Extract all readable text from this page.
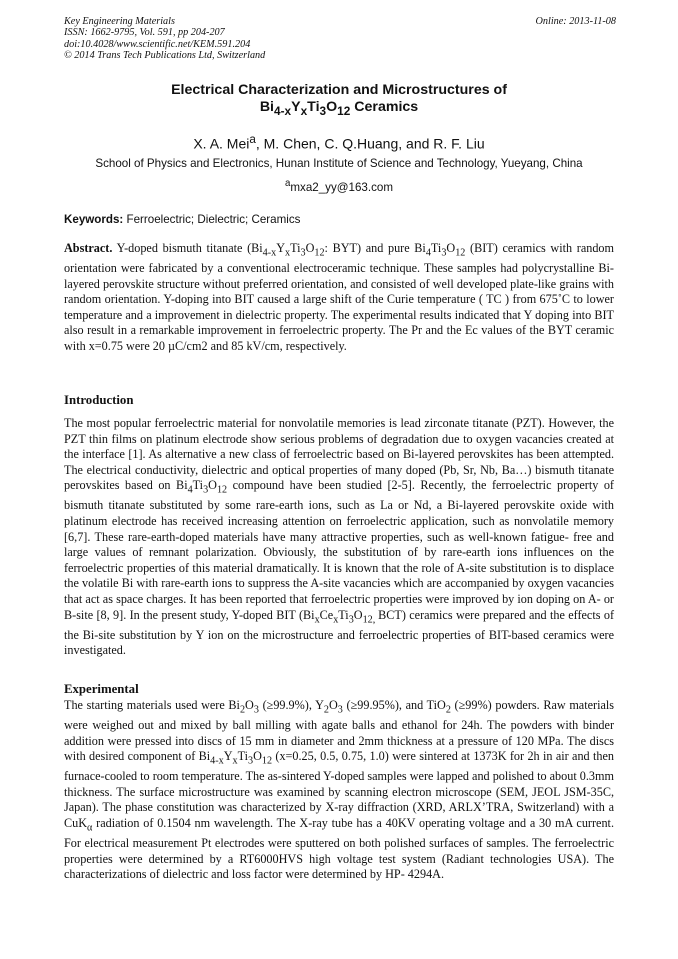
Key Engineering Materials
ISSN: 1662-9795, Vol. 591, pp 204-207
doi:10.4028/www.scientific.net/KEM.591.204
© 2014 Trans Tech Publications Ltd, Switzerland
Online: 2013-11-08
Electrical Characterization and Microstructures of
$Bi_{4-x}Y_xTi_3O_{12}$ Ceramics
X. A. Mei$^a$, M. Chen, C. Q.Huang, and R. F. Liu
School of Physics and Electronics, Hunan Institute of Science and Technology, Yueyang, China
$^a$mxa2_yy@163.com
Keywords: Ferroelectric; Dielectric; Ceramics
Abstract. Y-doped bismuth titanate ($Bi_{4-x}Y_xTi_3O_{12}$: BYT) and pure $Bi_4Ti_3O_{12}$ (BIT) ceramics with random orientation were fabricated by a conventional electroceramic technique. These samples had polycrystalline Bi-layered perovskite structure without preferred orientation, and consisted of well developed plate-like grains with random orientation. Y-doping into BIT caused a large shift of the Curie temperature ( TC ) from 675˚C to lower temperature and a improvement in dielectric property. The experimental results indicated that Y doping into BIT also result in a remarkable improvement in ferroelectric property. The Pr and the Ec values of the BYT ceramic with x=0.75 were 20 µC/cm2 and 85 kV/cm, respectively.
Introduction
The most popular ferroelectric material for nonvolatile memories is lead zirconate titanate (PZT). However, the PZT thin films on platinum electrode show serious problems of degradation due to oxygen vacancies created at the interface [1]. As alternative a new class of ferroelectric based on Bi-layered perovskites has been attempted. The electrical conductivity, dielectric and optical properties of many doped (Pb, Sr, Nb, Ba…) bismuth titanate perovskites based on $Bi_4Ti_3O_{12}$ compound have been studied [2-5]. Recently, the ferroelectric property of bismuth titanate substituted by some rare-earth ions, such as La or Nd, a Bi-layered perovskite oxide with platinum electrode has received increasing attention on ferroelectric application, such as nonvolatile memory [6,7]. These rare-earth-doped materials have many attractive properties, such as well-known fatigue- free and large values of remnant polarization. Obviously, the substitution of by rare-earth ions influences on the ferroelectric properties of this material dramatically. It is known that the role of A-site substitution is to displace the volatile Bi with rare-earth ions to suppress the A-site vacancies which are accompanied by oxygen vacancies that act as space charges. It has been reported that ferroelectric properties were improved by ion doping on A- or B-site [8, 9]. In the present study, Y-doped BIT ($Bi_xCe_xTi_3O_{12,}$ BCT) ceramics were prepared and the effects of the Bi-site substitution by Y ion on the microstructure and ferroelectric properties of BIT-based ceramics were investigated.
Experimental
The starting materials used were $Bi_2O_3$ (≥99.9%), $Y_2O_3$ (≥99.95%), and TiO$_2$ (≥99%) powders. Raw materials were weighed out and mixed by ball milling with agate balls and ethanol for 24h. The powders with binder addition were pressed into discs of 15 mm in diameter and 2mm thickness at a pressure of 120 MPa. The discs with desired component of $Bi_{4-x}Y_xTi_3O_{12}$ (x=0.25, 0.5, 0.75, 1.0) were sintered at 1373K for 2h in air and then furnace-cooled to room temperature. The as-sintered Y-doped samples were lapped and polished to about 0.3mm thickness. The surface microstructure was examined by scanning electron microscope (SEM, JEOL JSM-35C, Japan). The phase constitution was characterized by X-ray diffraction (XRD, ARLX’TRA, Switzerland) with a CuK$_\alpha$ radiation of 0.1504 nm wavelength. The X-ray tube has a 40KV operating voltage and a 30 mA current. For electrical measurement Pt electrodes were sputtered on both polished surfaces of samples. The ferroelectric properties were determined by a RT6000HVS high voltage test system (Radiant technologies USA). The characterizations of dielectric and loss factor were determined by HP- 4294A.
